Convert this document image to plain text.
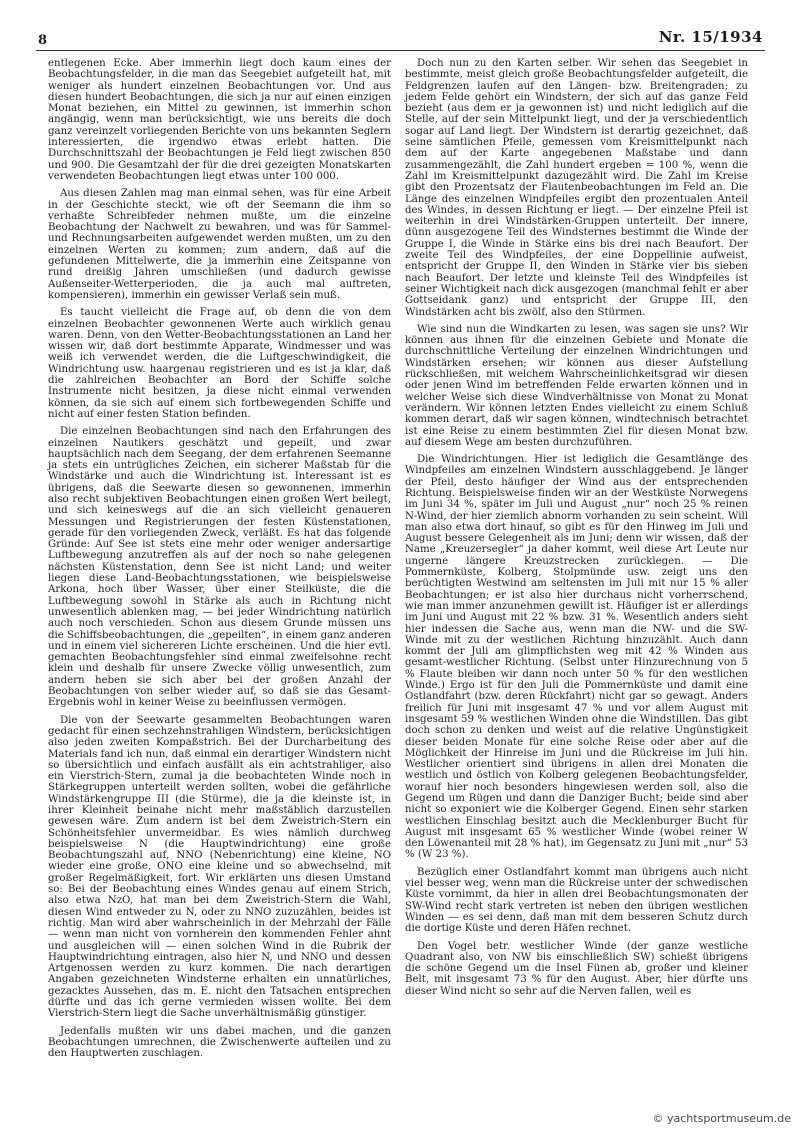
8	Nr. 15/1934

entlegenen Ecke. Aber immerhin liegt doch kaum eines der Beobachtungsfelder, in die man das Seegebiet aufgeteilt hat, mit weniger als hundert einzelnen Beobachtungen vor. Und aus diesen hundert Beobachtungen, die sich ja nur auf einen einzigen Monat beziehen, ein Mittel zu gewinnen, ist immerhin schon angängig, wenn man berücksichtigt, wie uns bereits die doch ganz vereinzelt vorliegenden Berichte von uns bekannten Seglern interessierten, die irgendwo etwas erlebt hatten. Die Durchschnittszahl der Beobachtungen je Feld liegt zwischen 850 und 900. Die Gesamtzahl der für die drei gezeigten Monatskarten verwendeten Beobachtungen liegt etwas unter 100 000.

Aus diesen Zahlen mag man einmal sehen, was für eine Arbeit in der Geschichte steckt, wie oft der Seemann die ihm so verhaßte Schreibfeder nehmen mußte, um die einzelne Beobachtung der Nachwelt zu bewahren, und was für Sammel- und Rechnungsarbeiten aufgewendet werden mußten, um zu den einzelnen Werten zu kommen; zum andern, daß auf die gefundenen Mittelwerte, die ja immerhin eine Zeitspanne von rund dreißig Jahren umschließen (und dadurch gewisse Außenseiter-Wetterperioden, die ja auch mal auftreten, kompensieren), immerhin ein gewisser Verlaß sein muß.

Es taucht vielleicht die Frage auf, ob denn die von dem einzelnen Beobachter gewonnenen Werte auch wirklich genau waren. Denn, von den Wetter-Beobachtungsstationen an Land her wissen wir, daß dort bestimmte Apparate, Windmesser und was weiß ich verwendet werden, die die Luftgeschwindigkeit, die Windrichtung usw. haargenau registrieren und es ist ja klar, daß die zahlreichen Beobachter an Bord der Schiffe solche Instrumente nicht besitzen, ja diese nicht einmal verwenden können, da sie sich auf einem sich fortbewegenden Schiffe und nicht auf einer festen Station befinden.

Die einzelnen Beobachtungen sind nach den Erfahrungen des einzelnen Nautikers geschätzt und gepeilt, und zwar hauptsächlich nach dem Seegang, der dem erfahrenen Seemanne ja stets ein untrügliches Zeichen, ein sicherer Maßstab für die Windstärke und auch die Windrichtung ist. Interessant ist es übrigens, daß die Seewarte diesen so gewonnenen, immerhin also recht subjektiven Beobachtungen einen großen Wert beilegt, und sich keineswegs auf die an sich vielleicht genaueren Messungen und Registrierungen der festen Küstenstationen, gerade für den vorliegenden Zweck, verläßt. Es hat das folgende Gründe: Auf See ist stets eine mehr oder weniger andersartige Luftbewegung anzutreffen als auf der noch so nahe gelegenen nächsten Küstenstation, denn See ist nicht Land; und weiter liegen diese Land-Beobachtungsstationen, wie beispielsweise Arkona, hoch über Wasser, über einer Steilküste, die die Luftbewegung sowohl in Stärke als auch in Richtung nicht unwesentlich ablenken mag, — bei jeder Windrichtung natürlich auch noch verschieden. Schon aus diesem Grunde müssen uns die Schiffsbeobachtungen, die „gepeilten“, in einem ganz anderen und in einem viel sichereren Lichte erscheinen. Und die hier evtl. gemachten Beobachtungsfehler sind einmal zweifelsohne recht klein und deshalb für unsere Zwecke völlig unwesentlich, zum andern heben sie sich aber bei der großen Anzahl der Beobachtungen von selber wieder auf, so daß sie das Gesamt-Ergebnis wohl in keiner Weise zu beeinflussen vermögen.

Die von der Seewarte gesammelten Beobachtungen waren gedacht für einen sechzehnstrahligen Windstern, berücksichtigen also jeden zweiten Kompaßstrich. Bei der Durcharbeitung des Materials fand ich nun, daß einmal ein derartiger Windstern nicht so übersichtlich und einfach ausfällt als ein achtstrahliger, also ein Vierstrich-Stern, zumal ja die beobachteten Winde noch in Stärkegruppen unterteilt werden sollten, wobei die gefährliche Windstärkengruppe III (die Stürme), die ja die kleinste ist, in ihrer Kleinheit beinahe nicht mehr maßstäblich darzustellen gewesen wäre. Zum andern ist bei dem Zweistrich-Stern ein Schönheitsfehler unvermeidbar. Es wies nämlich durchweg beispielsweise N (die Hauptwindrichtung) eine große Beobachtungszahl auf, NNO (Nebenrichtung) eine kleine, NO wieder eine große, ONO eine kleine und so abwechselnd, mit großer Regelmäßigkeit, fort. Wir erklärten uns diesen Umstand so: Bei der Beobachtung eines Windes genau auf einem Strich, also etwa NzO, hat man bei dem Zweistrich-Stern die Wahl, diesen Wind entweder zu N, oder zu NNO zuzuzählen, beides ist richtig. Man wird aber wahrscheinlich in der Mehrzahl der Fälle — wenn man nicht von vornherein den kommenden Fehler ahnt und ausgleichen will — einen solchen Wind in die Rubrik der Hauptwindrichtung eintragen, also hier N, und NNO und dessen Artgenossen werden zu kurz kommen. Die nach derartigen Angaben gezeichneten Windsterne erhalten ein unnatürliches, gezacktes Aussehen, das m. E. nicht den Tatsachen entsprechen dürfte und das ich gerne vermieden wissen wollte. Bei dem Vierstrich-Stern liegt die Sache unverhältnismäßig günstiger.

Jedenfalls mußten wir uns dabei machen, und die ganzen Beobachtungen umrechnen, die Zwischenwerte aufteilen und zu den Hauptwerten zuschlagen.

Doch nun zu den Karten selber. Wir sehen das Seegebiet in bestimmte, meist gleich große Beobachtungsfelder aufgeteilt, die Feldgrenzen laufen auf den Längen- bzw. Breitengraden; zu jedem Felde gehört ein Windstern, der sich auf das ganze Feld bezieht (aus dem er ja gewonnen ist) und nicht lediglich auf die Stelle, auf der sein Mittelpunkt liegt, und der ja verschiedentlich sogar auf Land liegt. Der Windstern ist derartig gezeichnet, daß seine sämtlichen Pfeile, gemessen vom Kreismittelpunkt nach dem auf der Karte angegebenen Maßstabe und dann zusammengezählt, die Zahl hundert ergeben = 100 %, wenn die Zahl im Kreismittelpunkt dazugezählt wird. Die Zahl im Kreise gibt den Prozentsatz der Flautenbeobachtungen im Feld an. Die Länge des einzelnen Windpfeiles ergibt den prozentualen Anteil des Windes, in dessen Richtung er liegt. — Der einzelne Pfeil ist weiterhin in drei Windstärken-Gruppen unterteilt. Der innere, dünn ausgezogene Teil des Windsternes bestimmt die Winde der Gruppe I, die Winde in Stärke eins bis drei nach Beaufort. Der zweite Teil des Windpfeiles, der eine Doppellinie aufweist, entspricht der Gruppe II, den Winden in Stärke vier bis sieben nach Beaufort. Der letzte und kleinste Teil des Windpfeiles ist seiner Wichtigkeit nach dick ausgezogen (manchmal fehlt er aber Gottseidank ganz) und entspricht der Gruppe III, den Windstärken acht bis zwölf, also den Stürmen.

Wie sind nun die Windkarten zu lesen, was sagen sie uns? Wir können aus ihnen für die einzelnen Gebiete und Monate die durchschnittliche Verteilung der einzelnen Windrichtungen und Windstärken ersehen; wir können aus dieser Aufstellung rückschließen, mit welchem Wahrscheinlichkeitsgrad wir diesen oder jenen Wind im betreffenden Felde erwarten können und in welcher Weise sich diese Windverhältnisse von Monat zu Monat verändern. Wir können letzten Endes vielleicht zu einem Schluß kommen derart, daß wir sagen können, windtechnisch betrachtet ist eine Reise zu einem bestimmten Ziel für diesen Monat bzw. auf diesem Wege am besten durchzuführen.

Die Windrichtungen. Hier ist lediglich die Gesamtlänge des Windpfeiles am einzelnen Windstern ausschlaggebend. Je länger der Pfeil, desto häufiger der Wind aus der entsprechenden Richtung. Beispielsweise finden wir an der Westküste Norwegens im Juni 34 %, später im Juli und August „nur“ noch 25 % reinen N-Wind, der hier ziemlich abnorm vorhanden zu sein scheint. Will man also etwa dort hinauf, so gibt es für den Hinweg im Juli und August bessere Gelegenheit als im Juni; denn wir wissen, daß der Name „Kreuzersegler“ ja daher kommt, weil diese Art Leute nur ungerne längere Kreuzstrecken zurücklegen. — Die Pommernküste, Kolberg, Stolpmünde usw. zeigt uns den berüchtigten Westwind am seltensten im Juli mit nur 15 % aller Beobachtungen; er ist also hier durchaus nicht vorherrschend, wie man immer anzunehmen gewillt ist. Häufiger ist er allerdings im Juni und August mit 22 % bzw. 31 %. Wesentlich anders sieht hier indessen die Sache aus, wenn man die NW- und die SW-Winde mit zu der westlichen Richtung hinzuzählt. Auch dann kommt der Juli am glimpflichsten weg mit 42 % Winden aus gesamt-westlicher Richtung. (Selbst unter Hinzurechnung von 5 % Flaute bleiben wir dann noch unter 50 % für den westlichen Winde.) Ergo ist für den Juli die Pommernküste und damit eine Ostlandfahrt (bzw. deren Rückfahrt) nicht gar so gewagt. Anders freilich für Juni mit insgesamt 47 % und vor allem August mit insgesamt 59 % westlichen Winden ohne die Windstillen. Das gibt doch schon zu denken und weist auf die relative Ungünstigkeit dieser beiden Monate für eine solche Reise oder aber auf die Möglichkeit der Hinreise im Juni und die Rückreise im Juli hin. Westlicher orientiert sind übrigens in allen drei Monaten die westlich und östlich von Kolberg gelegenen Beobachtungsfelder, worauf hier noch besonders hingewiesen werden soll, also die Gegend um Rügen und dann die Danziger Bucht; beide sind aber nicht so exponiert wie die Kolberger Gegend. Einen sehr starken westlichen Einschlag besitzt auch die Mecklenburger Bucht für August mit insgesamt 65 % westlicher Winde (wobei reiner W den Löwenanteil mit 28 % hat), im Gegensatz zu Juni mit „nur“ 53 % (W 23 %).

Bezüglich einer Ostlandfahrt kommt man übrigens auch nicht viel besser weg, wenn man die Rückreise unter der schwedischen Küste vornimmt, da hier in allen drei Beobachtungsmonaten der SW-Wind recht stark vertreten ist neben den übrigen westlichen Winden — es sei denn, daß man mit dem besseren Schutz durch die dortige Küste und deren Häfen rechnet.

Den Vogel betr. westlicher Winde (der ganze westliche Quadrant also, von NW bis einschließlich SW) schießt übrigens die schöne Gegend um die Insel Fünen ab, großer und kleiner Belt, mit insgesamt 73 % für den August. Aber, hier dürfte uns dieser Wind nicht so sehr auf die Nerven fallen, weil es

© yachtsportmuseum.de
